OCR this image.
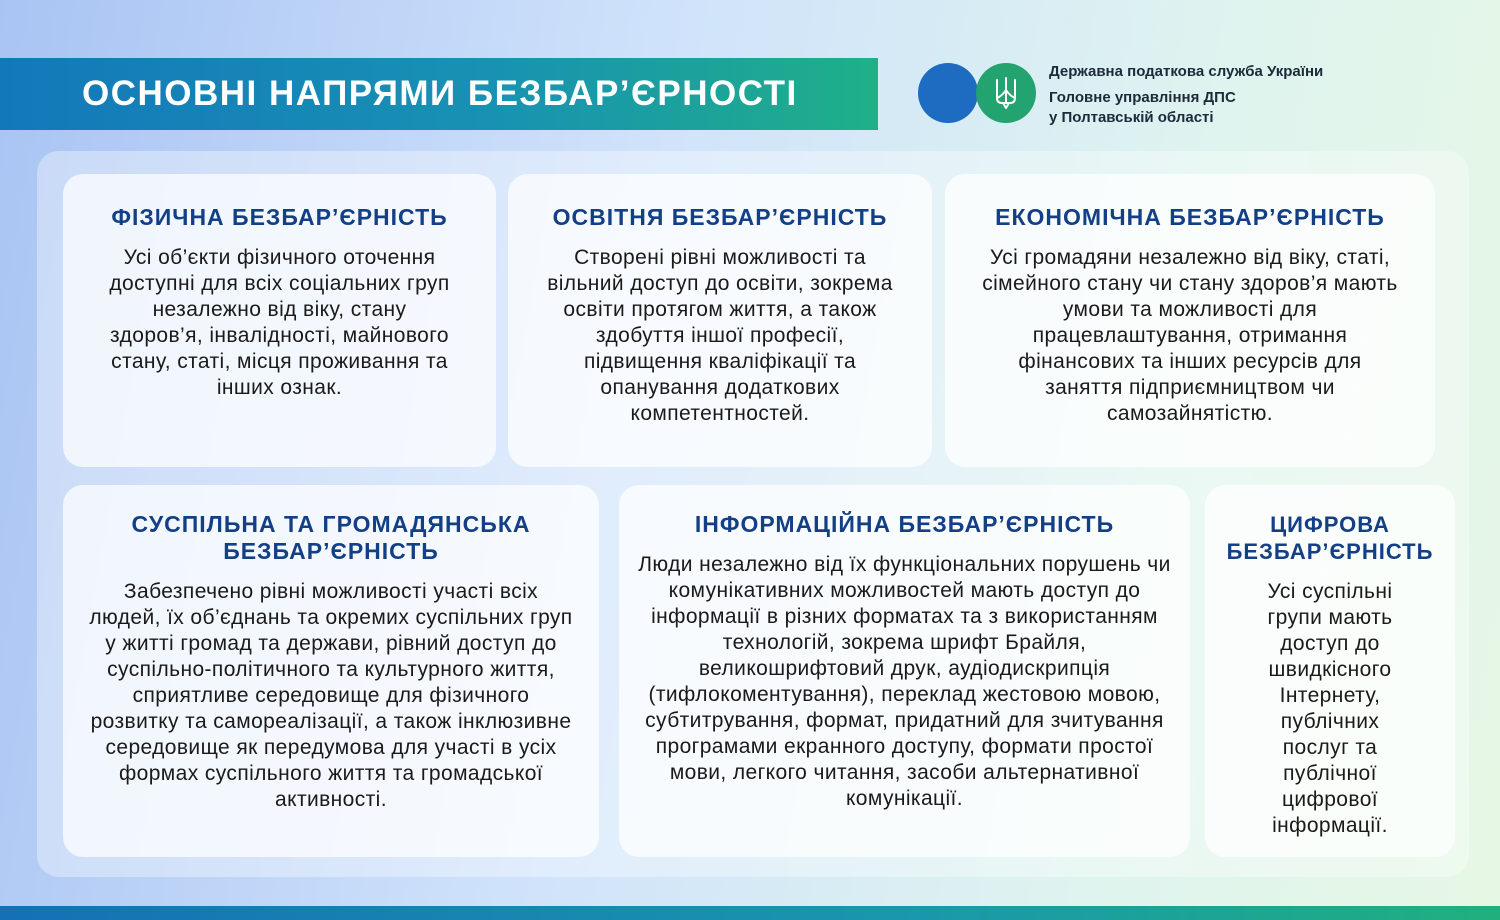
ОСНОВНІ НАПРЯМИ БЕЗБАР’ЄРНОСТІ
Державна податкова служба України
Головне управління ДПС
у Полтавській області
ФІЗИЧНА БЕЗБАР’ЄРНІСТЬ

Усі об’єкти фізичного оточення доступні для всіх соціальних груп незалежно від віку, стану здоров’я, інвалідності, майнового стану, статі, місця проживання та інших ознак.

ОСВІТНЯ БЕЗБАР’ЄРНІСТЬ

Створені рівні можливості та вільний доступ до освіти, зокрема освіти протягом життя, а також здобуття іншої професії, підвищення кваліфікації та опанування додаткових компетентностей.

ЕКОНОМІЧНА БЕЗБАР’ЄРНІСТЬ

Усі громадяни незалежно від віку, статі, сімейного стану чи стану здоров’я мають умови та можливості для працевлаштування, отримання фінансових та інших ресурсів для заняття підприємництвом чи самозайнятістю.

СУСПІЛЬНА ТА ГРОМАДЯНСЬКА БЕЗБАР’ЄРНІСТЬ

Забезпечено рівні можливості участі всіх людей, їх об’єднань та окремих суспільних груп у житті громад та держави, рівний доступ до суспільно-політичного та культурного життя, сприятливе середовище для фізичного розвитку та самореалізації, а також інклюзивне середовище як передумова для участі в усіх формах суспільного життя та громадської активності.

ІНФОРМАЦІЙНА БЕЗБАР’ЄРНІСТЬ

Люди незалежно від їх функціональних порушень чи комунікативних можливостей мають доступ до інформації в різних форматах та з використанням технологій, зокрема шрифт Брайля, великошрифтовий друк, аудіодискрипція (тифлокоментування), переклад жестовою мовою, субтитрування, формат, придатний для зчитування програмами екранного доступу, формати простої мови, легкого читання, засоби альтернативної комунікації.

ЦИФРОВА БЕЗБАР’ЄРНІСТЬ

Усі суспільні групи мають доступ до швидкісного Інтернету, публічних послуг та публічної цифрової інформації.
